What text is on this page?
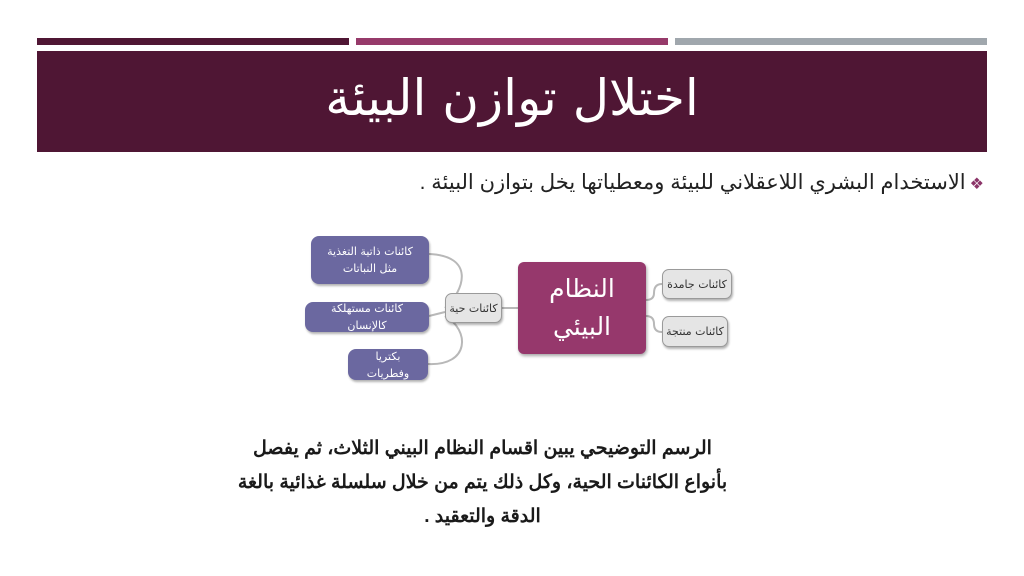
اختلال توازن البيئة
❖الاستخدام البشري اللاعقلاني للبيئة ومعطياتها يخل بتوازن البيئة .
النظام البيئي
كائنات جامدة
كائنات منتجة
كائنات حية
كائنات ذاتية التغذية مثل النباتات
كائنات مستهلكة كالإنسان
بكتريا وفطريات
الرسم التوضيحي يبين اقسام النظام البيني الثلاث، ثم يفصل بأنواع الكائنات الحية، وكل ذلك يتم من خلال سلسلة غذائية بالغة الدقة والتعقيد .
